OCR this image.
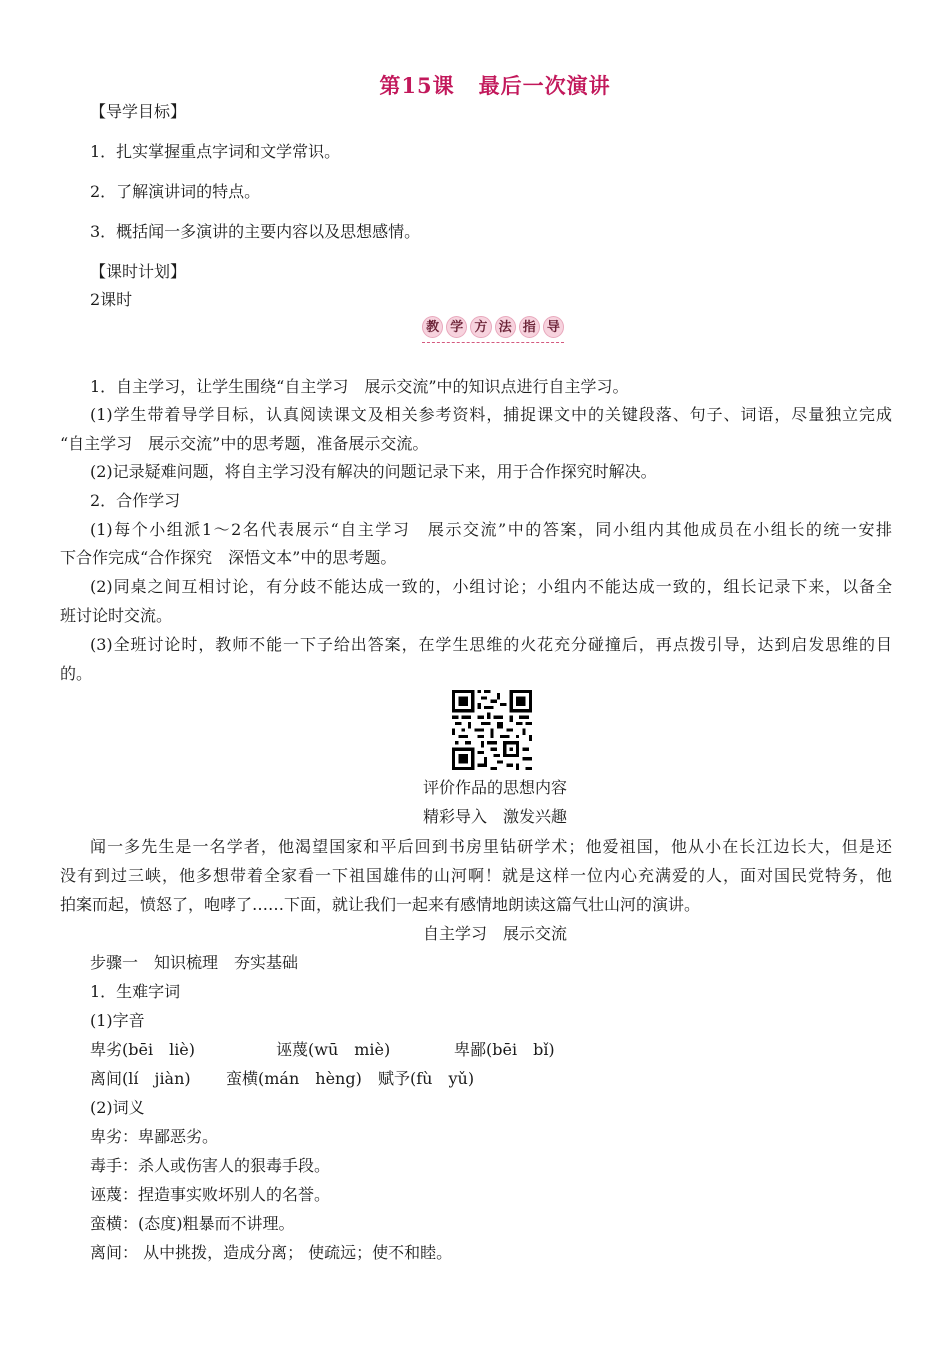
第15课 最后一次演讲
【导学目标】
1．扎实掌握重点字词和文学常识。
2．了解演讲词的特点。
3．概括闻一多演讲的主要内容以及思想感情。
【课时计划】
2课时
教 学 方 法 指 导
1．自主学习，让学生围绕“自主学习　展示交流”中的知识点进行自主学习。
(1)学生带着导学目标，认真阅读课文及相关参考资料，捕捉课文中的关键段落、句子、词语，尽量独立完成
“自主学习　展示交流”中的思考题，准备展示交流。
(2)记录疑难问题，将自主学习没有解决的问题记录下来，用于合作探究时解决。
2．合作学习
(1)每个小组派1～2名代表展示“自主学习　展示交流”中的答案，同小组内其他成员在小组长的统一安排
下合作完成“合作探究　深悟文本”中的思考题。
(2)同桌之间互相讨论，有分歧不能达成一致的，小组讨论；小组内不能达成一致的，组长记录下来，以备全
班讨论时交流。
(3)全班讨论时，教师不能一下子给出答案，在学生思维的火花充分碰撞后，再点拨引导，达到启发思维的目
的。
评价作品的思想内容
精彩导入　激发兴趣
闻一多先生是一名学者，他渴望国家和平后回到书房里钻研学术；他爱祖国，他从小在长江边长大，但是还
没有到过三峡，他多想带着全家看一下祖国雄伟的山河啊！就是这样一位内心充满爱的人，面对国民党特务，他
拍案而起，愤怒了，咆哮了……下面，就让我们一起来有感情地朗读这篇气壮山河的演讲。
自主学习　展示交流
步骤一　知识梳理　夯实基础
1．生难字词
(1)字音
卑劣(bēi　liè)	诬蔑(wū　miè)	卑鄙(bēi　bǐ)
离间(lí　jiàn) 蛮横(mán　hèng) 赋予(fù　yǔ)
(2)词义
卑劣：卑鄙恶劣。
毒手：杀人或伤害人的狠毒手段。
诬蔑：捏造事实败坏别人的名誉。
蛮横：(态度)粗暴而不讲理。
离间： 从中挑拨，造成分离； 使疏远；使不和睦。
